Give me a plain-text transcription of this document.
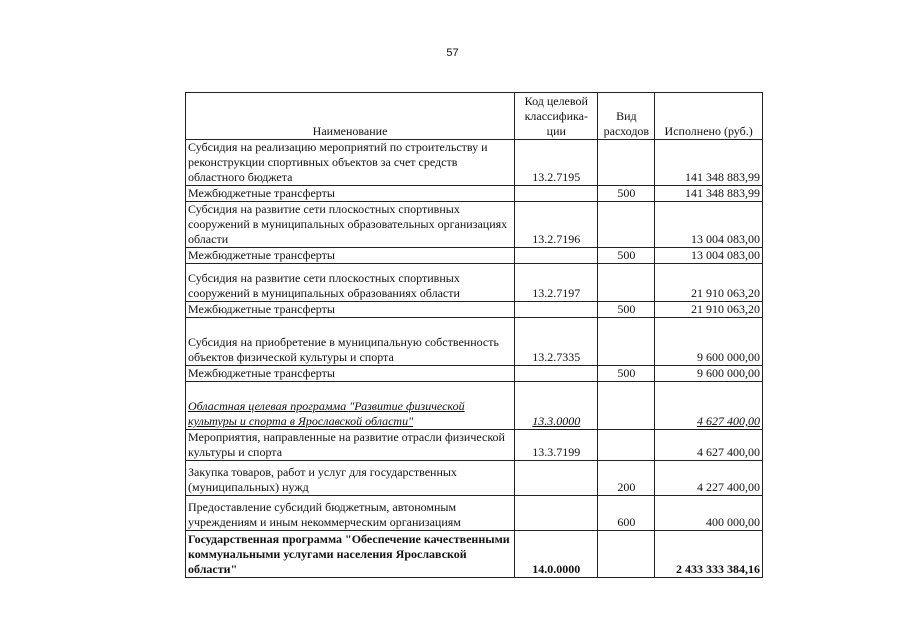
57
Наименование	Код целевой классифика-ции	Вид расходов	Исполнено (руб.)
Субсидия на реализацию мероприятий по строительству и реконструкции спортивных объектов за счет средств областного бюджета	13.2.7195		141 348 883,99
Межбюджетные трансферты		500	141 348 883,99
Субсидия на развитие сети плоскостных спортивных сооружений в муниципальных образовательных организациях области	13.2.7196		13 004 083,00
Межбюджетные трансферты		500	13 004 083,00
Субсидия на развитие сети плоскостных спортивных сооружений в муниципальных образованиях области	13.2.7197		21 910 063,20
Межбюджетные трансферты		500	21 910 063,20
Субсидия на приобретение в муниципальную собственность объектов физической культуры и спорта	13.2.7335		9 600 000,00
Межбюджетные трансферты		500	9 600 000,00
Областная целевая программа "Развитие физической культуры и спорта в Ярославской области"	13.3.0000		4 627 400,00
Мероприятия, направленные на развитие отрасли физической культуры и спорта	13.3.7199		4 627 400,00
Закупка товаров, работ и услуг для государственных (муниципальных) нужд		200	4 227 400,00
Предоставление субсидий бюджетным, автономным учреждениям и иным некоммерческим организациям		600	400 000,00
Государственная программа "Обеспечение качественными коммунальными услугами населения Ярославской области"	14.0.0000		2 433 333 384,16
